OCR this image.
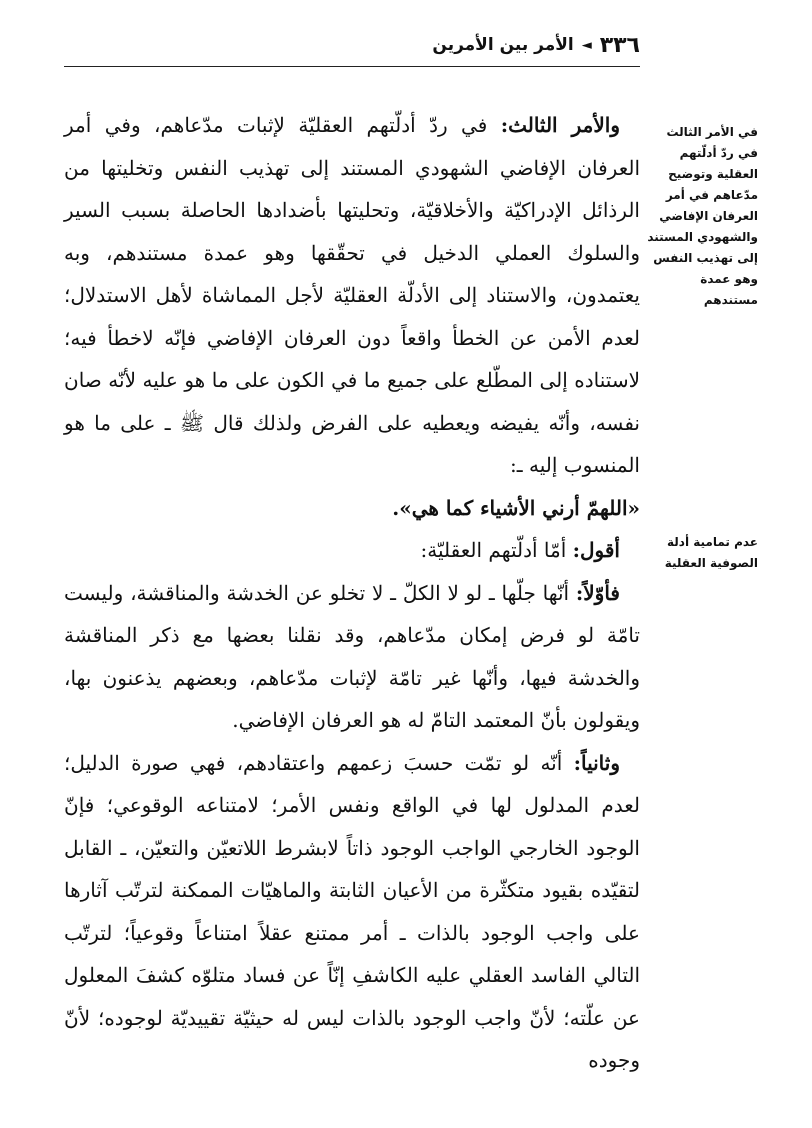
٣٣٦
◄
الأمر بين الأمرين
في الأمر الثالث في ردّ أدلّتهم العقلية وتوضيح مدّعاهم في أمر العرفان الإفاضي والشهودي المستند إلى تهذيب النفس وهو عمدة مستندهم
عدم تمامية أدلة الصوفية العقلية

والأمر الثالث: في ردّ أدلّتهم العقليّة لإثبات مدّعاهم، وفي أمر العرفان الإفاضي الشهودي المستند إلى تهذيب النفس وتخليتها من الرذائل الإدراكيّة والأخلاقيّة، وتحليتها بأضدادها الحاصلة بسبب السير والسلوك العملي الدخيل في تحقّقها وهو عمدة مستندهم، وبه يعتمدون، والاستناد إلى الأدلّة العقليّة لأجل المماشاة لأهل الاستدلال؛ لعدم الأمن عن الخطأ واقعاً دون العرفان الإفاضي فإنّه لاخطأ فيه؛ لاستناده إلى المطّلع على جميع ما في الكون على ما هو عليه لأنّه صان نفسه، وأنّه يفيضه ويعطيه على الفرض ولذلك قال ﷺ ـ على ما هو المنسوب إليه ـ:

«اللهمّ أرني الأشياء كما هي».

أقول: أمّا أدلّتهم العقليّة:

فأوّلاً: أنّها جلّها ـ لو لا الكلّ ـ لا تخلو عن الخدشة والمناقشة، وليست تامّة لو فرض إمكان مدّعاهم، وقد نقلنا بعضها مع ذكر المناقشة والخدشة فيها، وأنّها غير تامّة لإثبات مدّعاهم، وبعضهم يذعنون بها، ويقولون بأنّ المعتمد التامّ له هو العرفان الإفاضي.

وثانياً: أنّه لو تمّت حسبَ زعمهم واعتقادهم، فهي صورة الدليل؛ لعدم المدلول لها في الواقع ونفس الأمر؛ لامتناعه الوقوعي؛ فإنّ الوجود الخارجي الواجب الوجود ذاتاً لابشرط اللاتعيّن والتعيّن، ـ القابل لتقيّده بقيود متكثّرة من الأعيان الثابتة والماهيّات الممكنة لترتّب آثارها على واجب الوجود بالذات ـ أمر ممتنع عقلاً امتناعاً وقوعياً؛ لترتّب التالي الفاسد العقلي عليه الكاشفِ إنّاً عن فساد متلوّه كشفَ المعلول عن علّته؛ لأنّ واجب الوجود بالذات ليس له حيثيّة تقييديّة لوجوده؛ لأنّ وجوده
